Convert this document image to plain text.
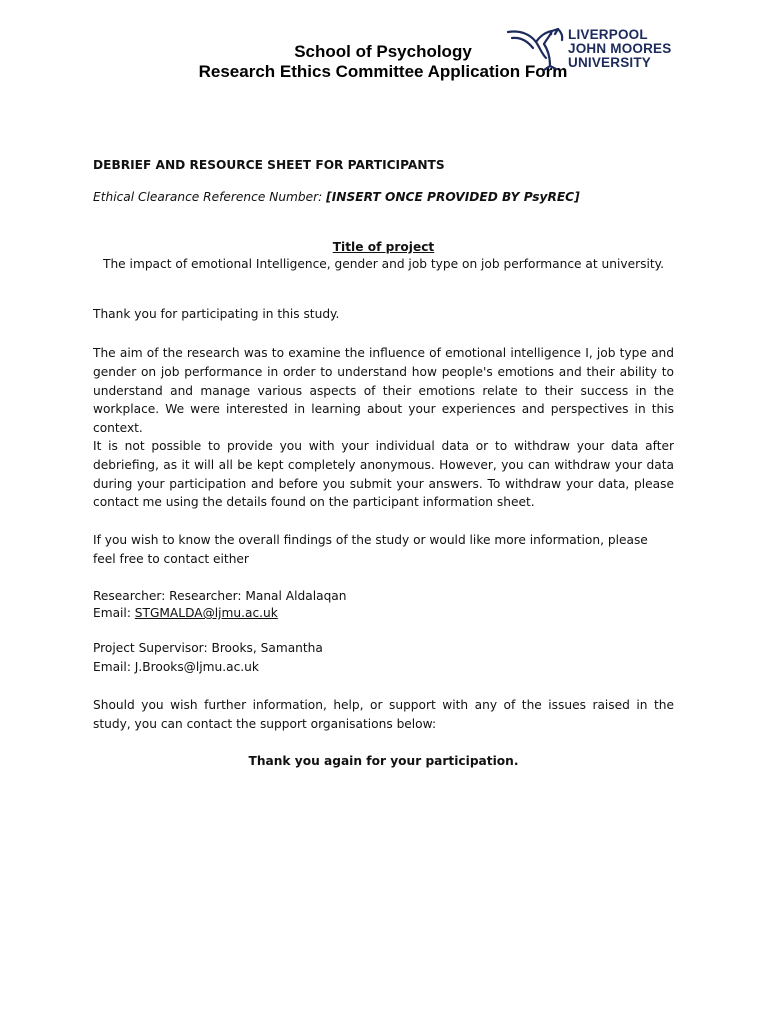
School of Psychology
Research Ethics Committee Application Form
LIVERPOOL
JOHN MOORES
UNIVERSITY
DEBRIEF AND RESOURCE SHEET FOR PARTICIPANTS
Ethical Clearance Reference Number: [INSERT ONCE PROVIDED BY PsyREC]
Title of project
The impact of emotional Intelligence, gender and job type on job performance at university.
Thank you for participating in this study.
The aim of the research was to examine the influence of emotional intelligence I, job type and gender on job performance in order to understand how people's emotions and their ability to understand and manage various aspects of their emotions relate to their success in the workplace. We were interested in learning about your experiences and perspectives in this context.
It is not possible to provide you with your individual data or to withdraw your data after debriefing, as it will all be kept completely anonymous. However, you can withdraw your data during your participation and before you submit your answers. To withdraw your data, please contact me using the details found on the participant information sheet.
If you wish to know the overall findings of the study or would like more information, please feel free to contact either
Researcher: Researcher: Manal Aldalaqan
Email: STGMALDA@ljmu.ac.uk
Project Supervisor: Brooks, Samantha
Email: J.Brooks@ljmu.ac.uk
Should you wish further information, help, or support with any of the issues raised in the study, you can contact the support organisations below:
Thank you again for your participation.
